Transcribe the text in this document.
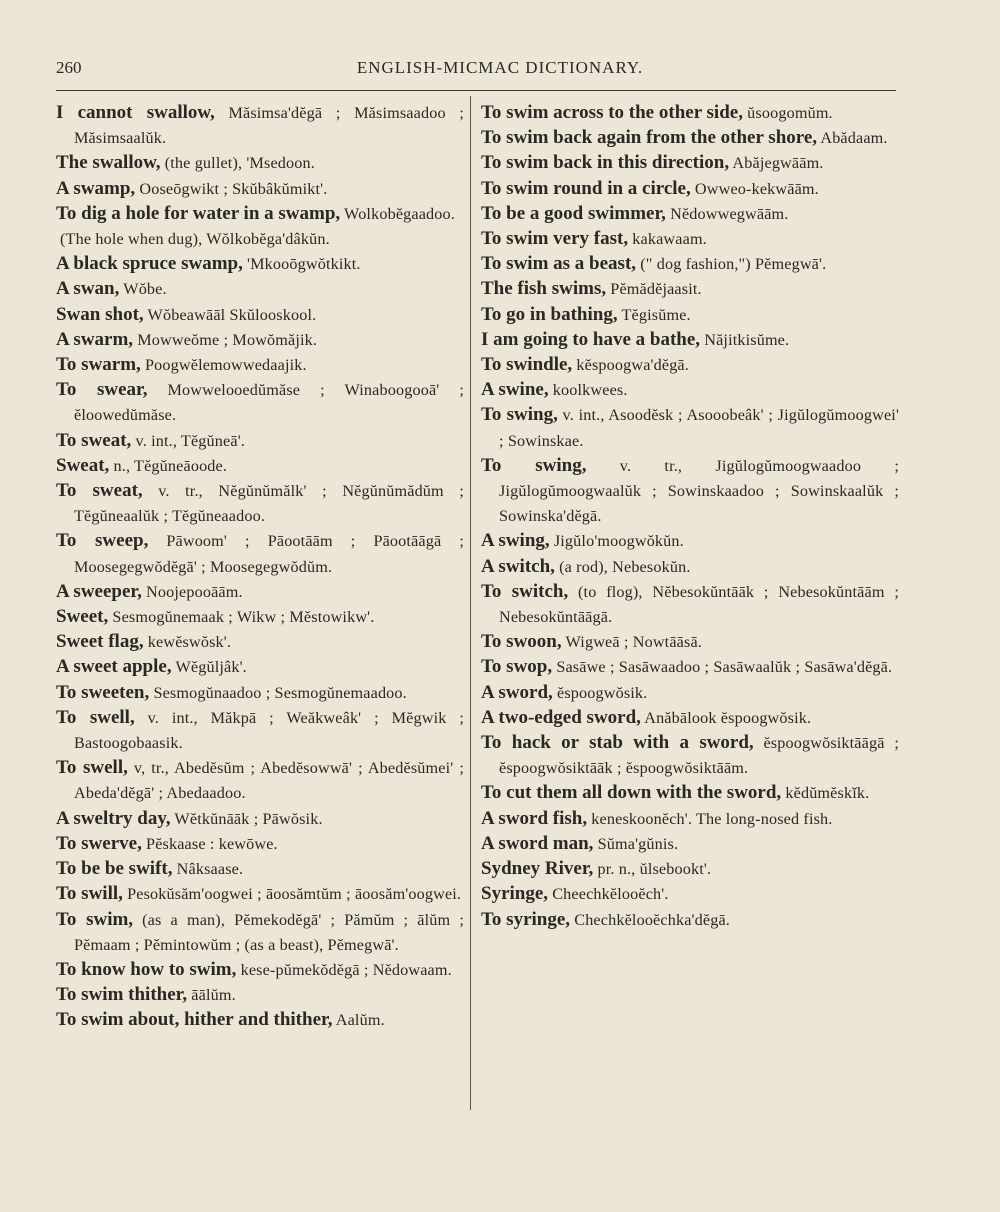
260	ENGLISH-MICMAC DICTIONARY.

I cannot swallow, Măsimsa'dĕgā ; Măsimsaadoo ; Măsimsaalŭk.

The swallow, (the gullet), 'Msedoon.

A swamp, Ooseōgwikt ; Skŭbâkŭmikt'.

To dig a hole for water in a swamp, Wolkobĕgaadoo.

(The hole when dug), Wŏlkobĕga'dâkŭn.

A black spruce swamp, 'Mkooōgwŏtkikt.

A swan, Wŏbe.

Swan shot, Wŏbeawāāl Skŭlooskool.

A swarm, Mowweŏme ; Mowŏmăjik.

To swarm, Poogwĕlemowwedaajik.

To swear, Mowwelooedŭmăse ; Winaboogooā' ; ĕloowedŭmăse.

To sweat, v. int., Tĕgŭneā'.

Sweat, n., Tĕgŭneāoode.

To sweat, v. tr., Nĕgŭnŭmălk' ; Nĕgŭnŭmădŭm ; Tĕgŭneaalŭk ; Tĕgŭneaadoo.

To sweep, Pāwoom' ; Pāootāām ; Pāootāāgā ; Moosegegwŏdĕgā' ; Moosegegwŏdŭm.

A sweeper, Noojepooāām.

Sweet, Sesmogŭnemaak ; Wikw ; Mĕstowikw'.

Sweet flag, kewĕswŏsk'.

A sweet apple, Wĕgŭljâk'.

To sweeten, Sesmogŭnaadoo ; Sesmogŭnemaadoo.

To swell, v. int., Măkpā ; Weăkweâk' ; Mĕgwik ; Bastoogobaasik.

To swell, v, tr., Abedĕsŭm ; Abedĕsowwā' ; Abedĕsŭmei' ; Abeda'dĕgā' ; Abedaadoo.

A sweltry day, Wĕtkŭnāāk ; Pāwŏsik.

To swerve, Pĕskaase : kewōwe.

To be be swift, Nâksaase.

To swill, Pesokŭsăm'oogwei ; āoosămtŭm ; āoosăm'oogwei.

To swim, (as a man), Pĕmekodĕgā' ; Pămŭm ; ālŭm ; Pĕmaam ; Pĕmintowŭm ; (as a beast), Pĕmegwā'.

To know how to swim, kese-pŭmekŏdĕgā ; Nĕdowaam.

To swim thither, āālŭm.

To swim about, hither and thither, Aalŭm.

To swim across to the other side, ŭsoogomŭm.

To swim back again from the other shore, Abădaam.

To swim back in this direction, Abăjegwāām.

To swim round in a circle, Owweo-kekwāām.

To be a good swimmer, Nĕdowwegwāām.

To swim very fast, kakawaam.

To swim as a beast, (" dog fashion,") Pĕmegwā'.

The fish swims, Pĕmădĕjaasit.

To go in bathing, Tĕgisŭme.

I am going to have a bathe, Năjitkisŭme.

To swindle, kĕspoogwa'dĕgā.

A swine, koolkwees.

To swing, v. int., Asoodĕsk ; Asooobeâk' ; Jigŭlogŭmoogwei' ; Sowinskae.

To swing, v. tr., Jigŭlogŭmoogwaadoo ; Jigŭlogŭmoogwaalŭk ; Sowinskaadoo ; Sowinskaalŭk ; Sowinska'dĕgā.

A swing, Jigŭlo'moogwŏkŭn.

A switch, (a rod), Nebesokŭn.

To switch, (to flog), Nĕbesokŭntāāk ; Nebesokŭntāām ; Nebesokŭntāāgā.

To swoon, Wigweā ; Nowtāāsā.

To swop, Sasāwe ; Sasāwaadoo ; Sasāwaalŭk ; Sasāwa'dĕgā.

A sword, ĕspoogwŏsik.

A two-edged sword, Anăbālook ĕspoogwŏsik.

To hack or stab with a sword, ĕspoogwŏsiktāāgā ; ĕspoogwŏsiktāāk ; ĕspoogwŏsiktāām.

To cut them all down with the sword, kĕdŭmĕskĭk.

A sword fish, keneskoonĕch'. The long-nosed fish.

A sword man, Sŭma'gŭnis.

Sydney River, pr. n., ŭlsebookt'.

Syringe, Cheechkĕlooĕch'.

To syringe, Chechkĕlooĕchka'dĕgā.
